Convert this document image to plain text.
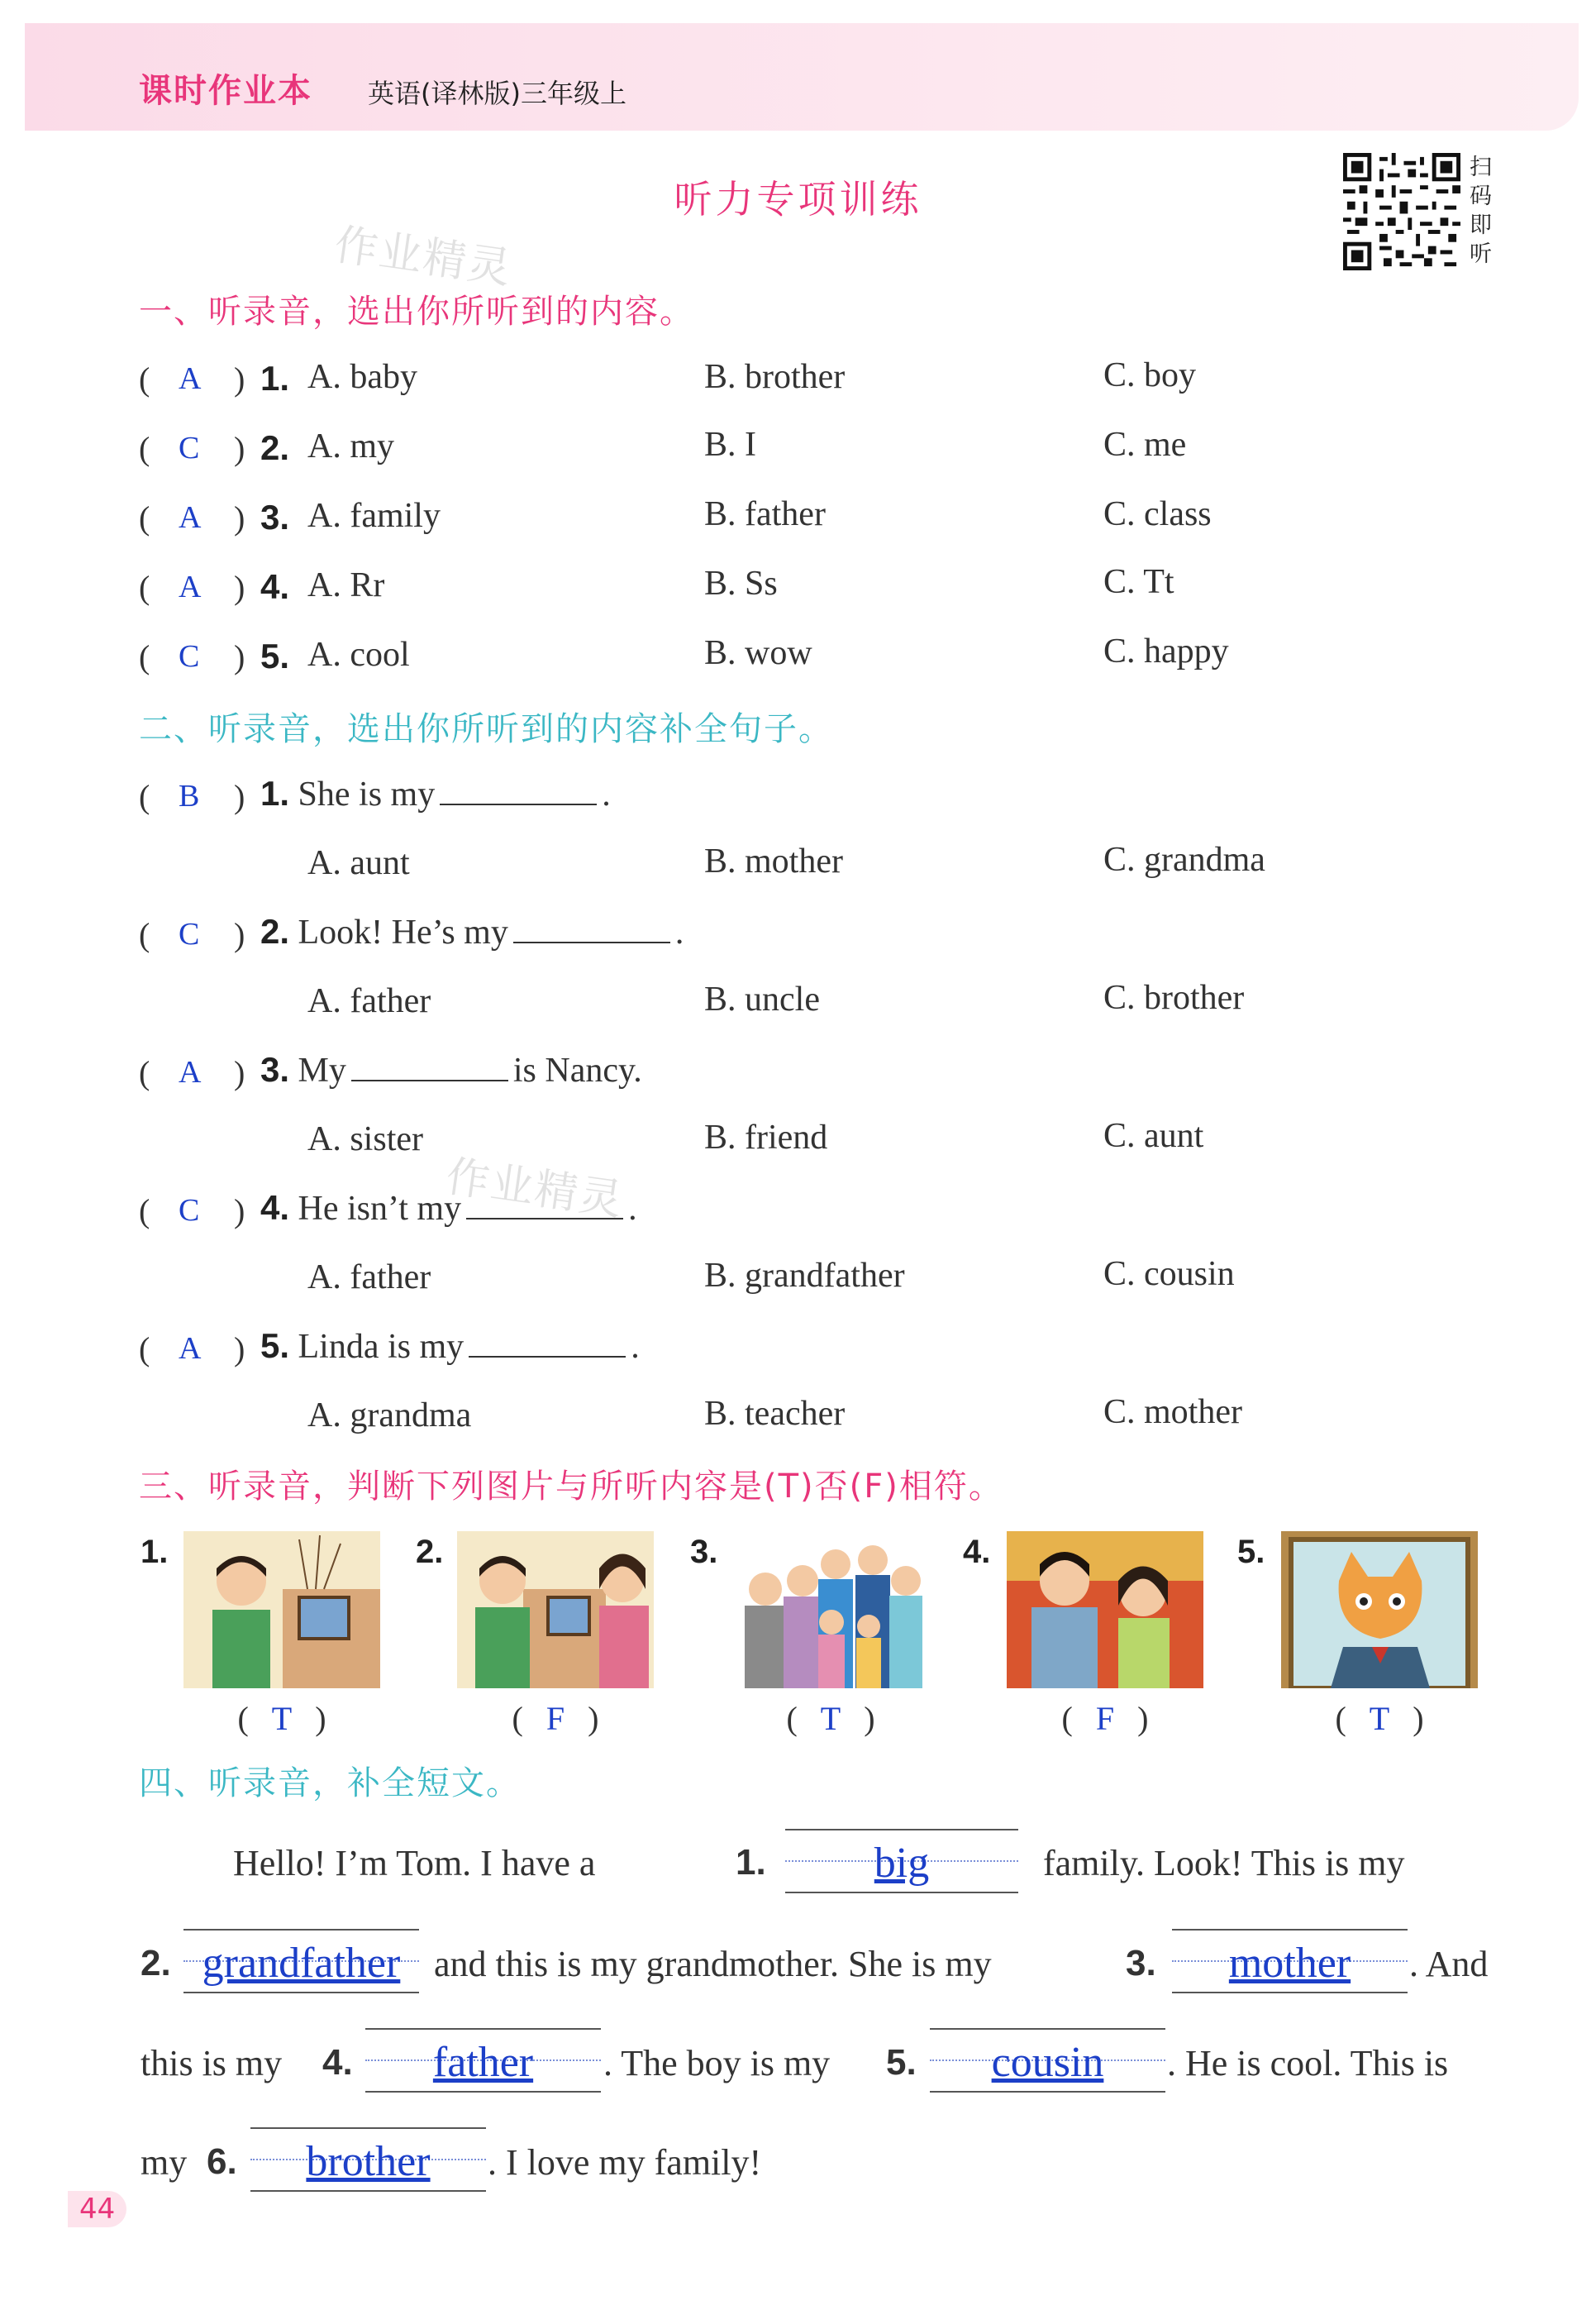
课时作业本 英语(译林版)三年级上
听力专项训练
扫码即听
作业精灵
作业精灵
一、听录音，选出你所听到的内容。
( A ) 1. A. baby	B. brother	C. boy
( C ) 2. A. my	B. I	C. me
( A ) 3. A. family	B. father	C. class
( A ) 4. A. Rr	B. Ss	C. Tt
( C ) 5. A. cool	B. wow	C. happy
二、听录音，选出你所听到的内容补全句子。
( B ) 1. She is my	.
A. aunt	B. mother	C. grandma
( C ) 2. Look! He’s my	.
A. father	B. uncle	C. brother
( A ) 3. My	is Nancy.
A. sister	B. friend	C. aunt
( C ) 4. He isn’t my	.
A. father	B. grandfather	C. cousin
( A ) 5. Linda is my	.
A. grandma	B. teacher	C. mother
三、听录音，判断下列图片与所听内容是(T)否(F)相符。
1.
( T )
2.
( F )
3.
( T )
4.
( F )
5.
( T )
四、听录音，补全短文。
Hello! I’m Tom. I have a	1.	big	family. Look! This is my
2. grandfather and this is my grandmother. She is my	3.	mother	. And
this is my 4.	father	. The boy is my 5.	cousin	. He is cool. This is
my 6.	brother	. I love my family!
44
